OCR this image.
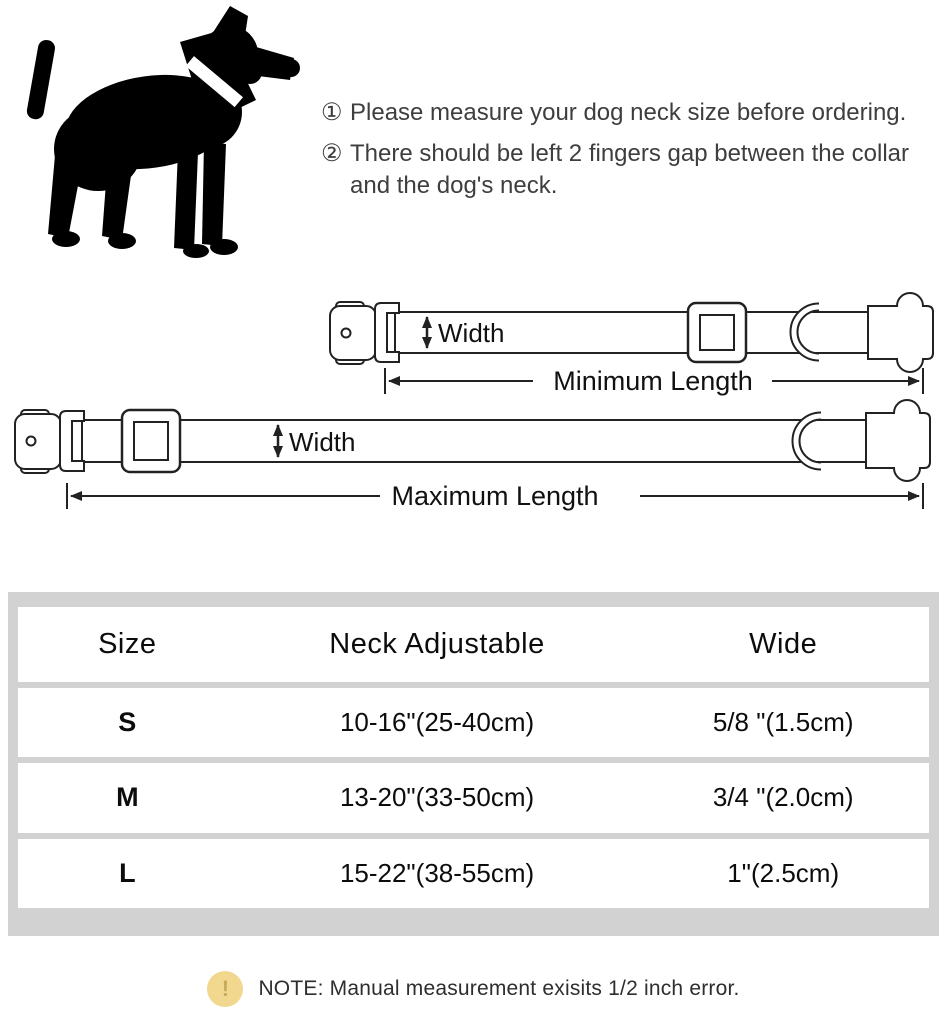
① Please measure your dog neck size before ordering.
② There should be left 2 fingers gap between the collar and the dog's neck.
Width
Minimum Length
Width
Maximum Length
Size	Neck Adjustable	Wide
S	10-16"(25-40cm)	5/8 "(1.5cm)
M	13-20"(33-50cm)	3/4 "(2.0cm)
L	15-22"(38-55cm)	1"(2.5cm)
!	NOTE: Manual measurement exisits 1/2 inch error.
